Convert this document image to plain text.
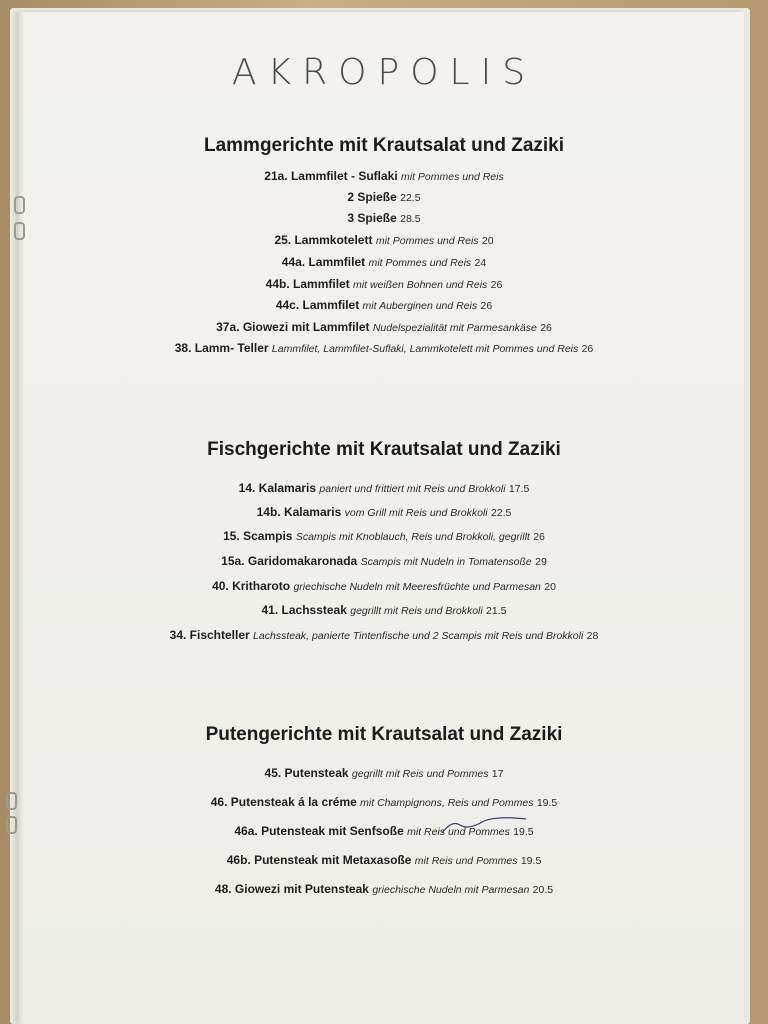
AKROPOLIS
Lammgerichte mit Krautsalat und Zaziki
21a. Lammfilet - Suflaki mit Pommes und Reis
2 Spieße 22.5
3 Spieße 28.5
25. Lammkotelett mit Pommes und Reis 20
44a. Lammfilet mit Pommes und Reis 24
44b. Lammfilet mit weißen Bohnen und Reis 26
44c. Lammfilet mit Auberginen und Reis 26
37a. Giowezi mit Lammfilet Nudelspezialität mit Parmesankäse 26
38. Lamm- Teller Lammfilet, Lammfilet-Suflaki, Lammkotelett mit Pommes und Reis 26
Fischgerichte mit Krautsalat und Zaziki
14. Kalamaris paniert und frittiert mit Reis und Brokkoli 17.5
14b. Kalamaris vom Grill mit Reis und Brokkoli 22.5
15. Scampis Scampis mit Knoblauch, Reis und Brokkoli, gegrillt 26
15a. Garidomakaronada Scampis mit Nudeln in Tomatensoße 29
40. Kritharoto griechische Nudeln mit Meeresfrüchte und Parmesan 20
41. Lachssteak gegrillt mit Reis und Brokkoli 21.5
34. Fischteller Lachssteak, panierte Tintenfische und 2 Scampis mit Reis und Brokkoli 28
Putengerichte mit Krautsalat und Zaziki
45. Putensteak gegrillt mit Reis und Pommes 17
46. Putensteak á la créme mit Champignons, Reis und Pommes 19.5
46a. Putensteak mit Senfsoße mit Reis und Pommes 19.5
46b. Putensteak mit Metaxasoße mit Reis und Pommes 19.5
48. Giowezi mit Putensteak griechische Nudeln mit Parmesan 20.5
